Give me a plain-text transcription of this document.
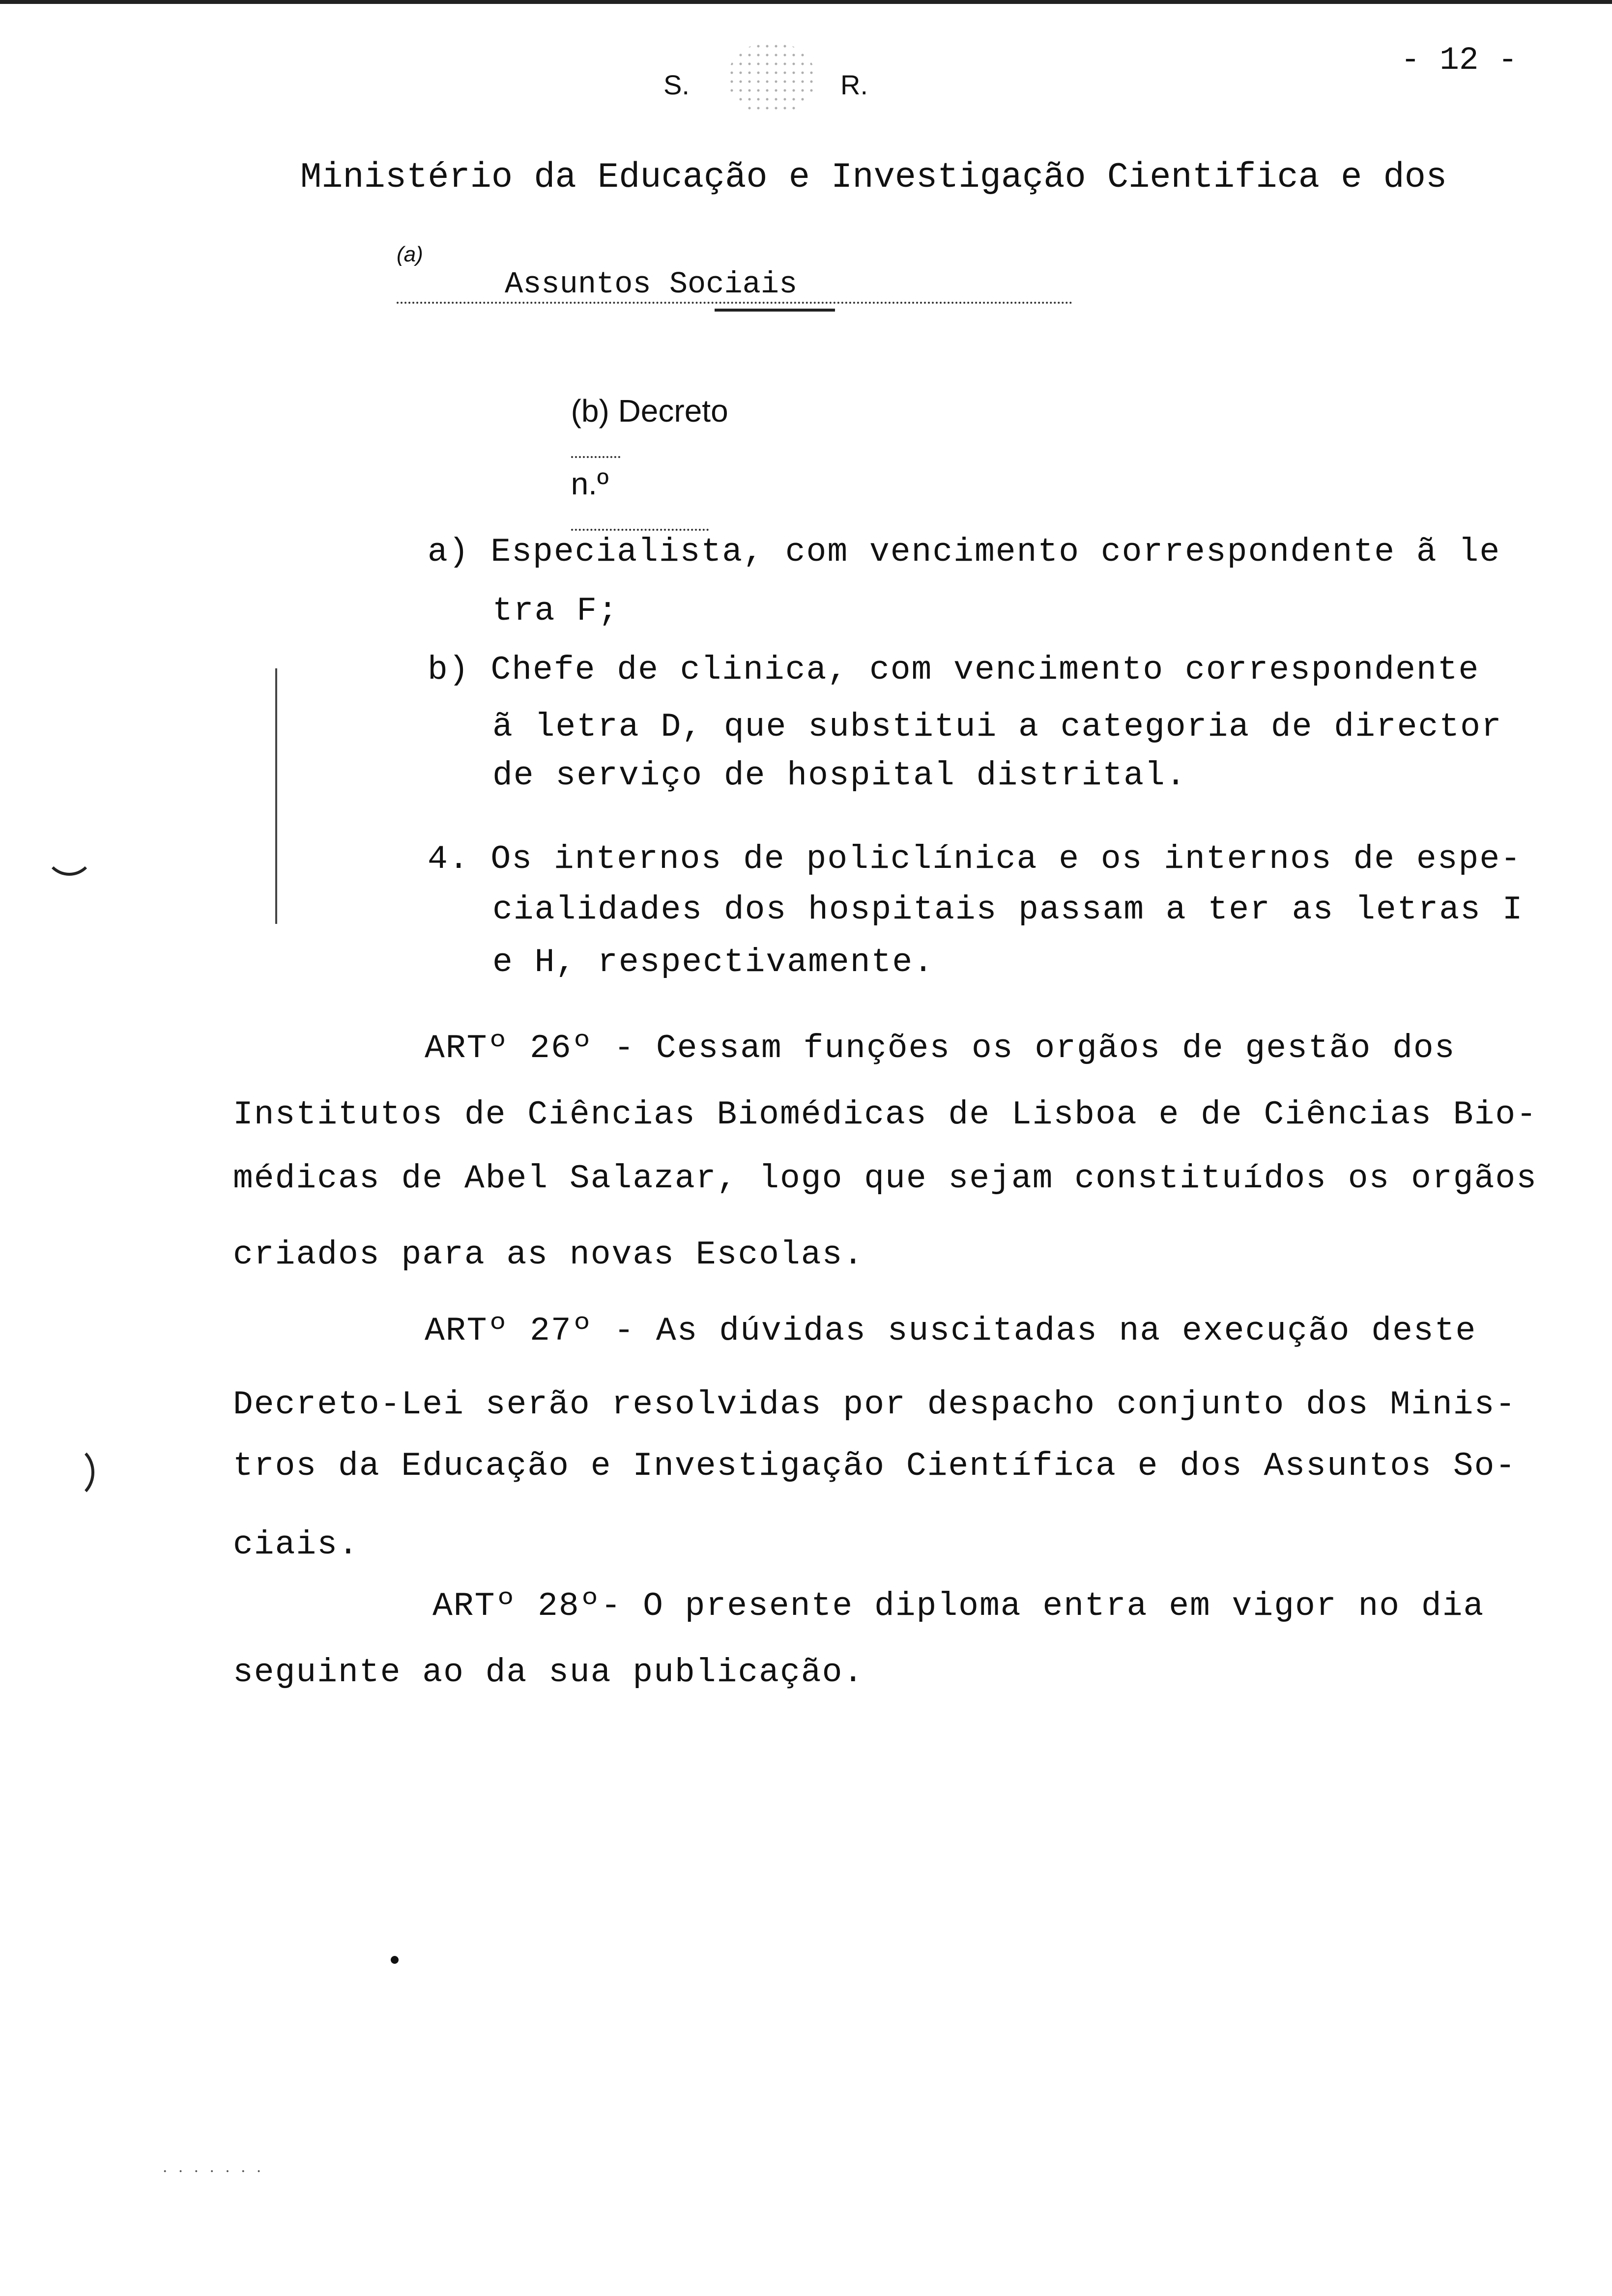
S.	R.
- 12 -
Ministério da Educação e Investigação Cientifica e dos

(a)
Assuntos Sociais

(b) Decreto

n.º

a) Especialista, com vencimento correspondente ã le
tra F;
b) Chefe de clinica, com vencimento correspondente
ã letra D, que substitui a categoria de director
de serviço de hospital distrital.
4. Os internos de policlínica e os internos de espe-
cialidades dos hospitais passam a ter as letras I
e H, respectivamente.
ARTº 26º - Cessam funções os orgãos de gestão dos
Institutos de Ciências Biomédicas de Lisboa e de Ciências Bio-
médicas de Abel Salazar, logo que sejam constituídos os orgãos
criados para as novas Escolas.
ARTº 27º - As dúvidas suscitadas na execução deste
Decreto-Lei serão resolvidas por despacho conjunto dos Minis-
tros da Educação e Investigação Científica e dos Assuntos So-
ciais.
ARTº 28º- O presente diploma entra em vigor no dia
seguinte ao da sua publicação.
· · · · · · ·
